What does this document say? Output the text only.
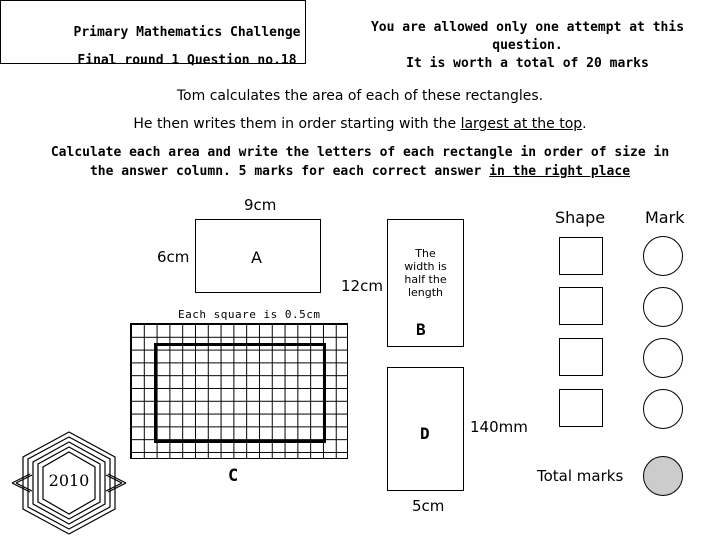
Primary Mathematics Challenge
Final round 1 Question no.18
You are allowed only one attempt at this
question.
It is worth a total of 20 marks
Tom calculates the area of each of these rectangles.
He then writes them in order starting with the largest at the top.
Calculate each area and write the letters of each rectangle in order of size in
the answer column. 5 marks for each correct answer in the right place
9cm
6cm	A	The
width is
half the
length
12cm
B
Each square is 0.5cm
C
D	140mm
5cm
Shape Mark
Total marks
2010
